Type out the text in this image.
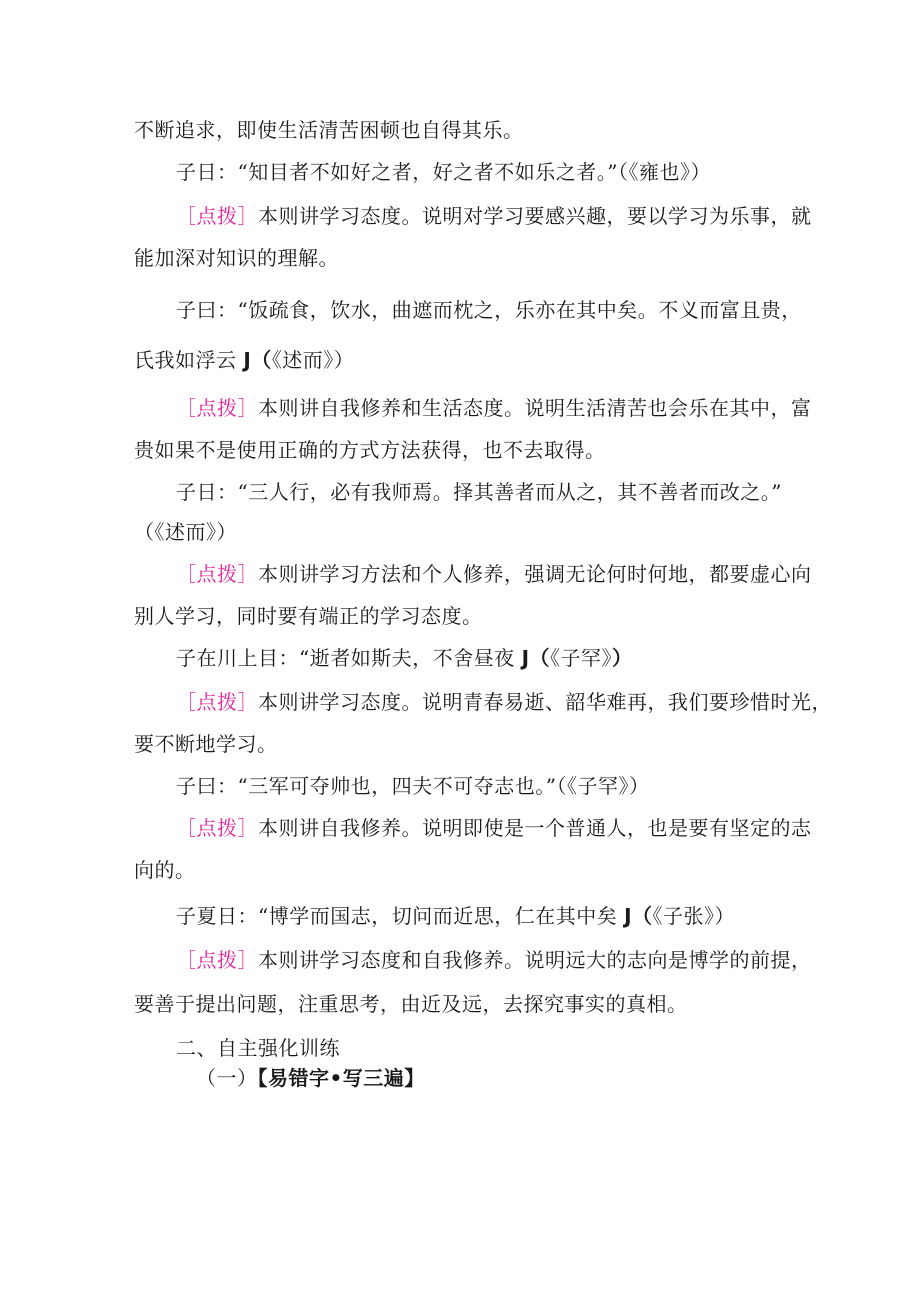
不断追求，即使生活清苦困顿也自得其乐。
子日：“知目者不如好之者，好之者不如乐之者。”（《雍也》）
［点拨］本则讲学习态度。说明对学习要感兴趣，要以学习为乐事，就
能加深对知识的理解。
子曰：“饭疏食，饮水，曲遮而枕之，乐亦在其中矣。不义而富且贵，
氏我如浮云 J（《述而》）
［点拨］本则讲自我修养和生活态度。说明生活清苦也会乐在其中，富
贵如果不是使用正确的方式方法获得，也不去取得。
子日：“三人行，必有我师焉。择其善者而从之，其不善者而改之。”
（《述而》）
［点拨］本则讲学习方法和个人修养，强调无论何时何地，都要虚心向
别人学习，同时要有端正的学习态度。
子在川上目：“逝者如斯夫，不舍昼夜 J（《子罕》）
［点拨］本则讲学习态度。说明青春易逝、韶华难再，我们要珍惜时光，
要不断地学习。
子曰：“三军可夺帅也，四夫不可夺志也。”（《子罕》）
［点拨］本则讲自我修养。说明即使是一个普通人，也是要有坚定的志
向的。
子夏日：“博学而国志，切问而近思，仁在其中矣 J（《子张》）
［点拨］本则讲学习态度和自我修养。说明远大的志向是博学的前提，
要善于提出问题，注重思考，由近及远，去探究事实的真相。
二、自主强化训练
（一）【易错字•写三遍】
